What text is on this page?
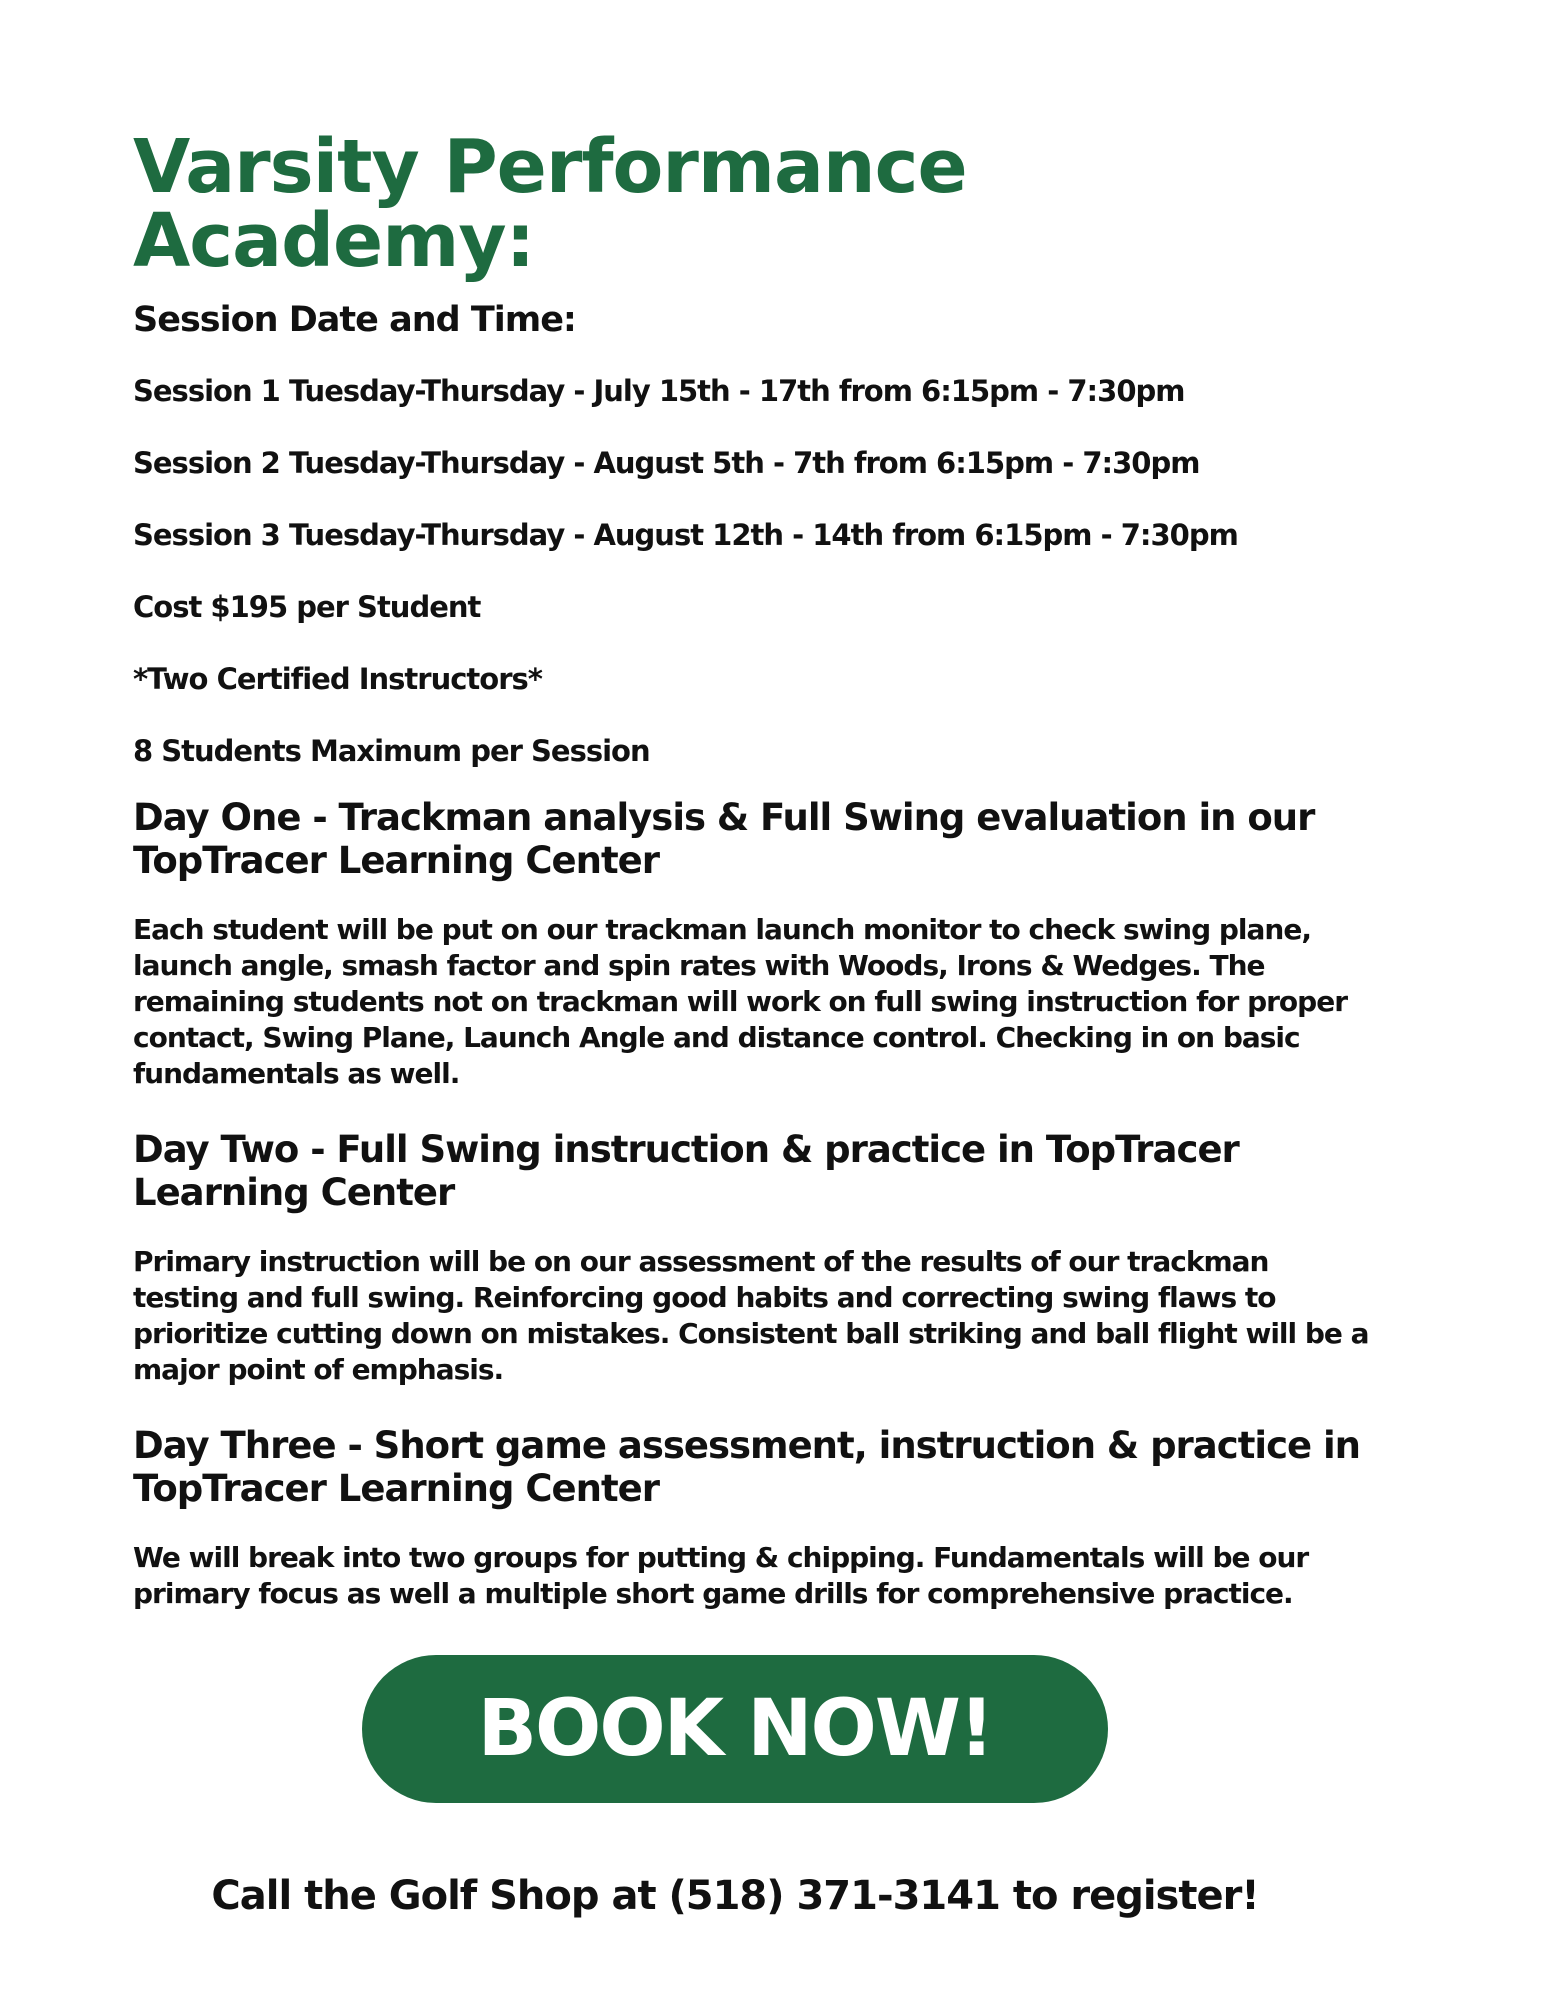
Varsity Performance Academy:
Session Date and Time:
Session 1 Tuesday-Thursday - July 15th - 17th from 6:15pm - 7:30pm
Session 2 Tuesday-Thursday - August 5th - 7th from 6:15pm - 7:30pm
Session 3 Tuesday-Thursday - August 12th - 14th from 6:15pm - 7:30pm
Cost $195 per Student
*Two Certified Instructors*
8 Students Maximum per Session
Day One - Trackman analysis & Full Swing evaluation in our TopTracer Learning Center
Each student will be put on our trackman launch monitor to check swing plane, launch angle, smash factor and spin rates with Woods, Irons & Wedges. The remaining students not on trackman will work on full swing instruction for proper contact, Swing Plane, Launch Angle and distance control. Checking in on basic fundamentals as well.
Day Two - Full Swing instruction & practice in TopTracer Learning Center
Primary instruction will be on our assessment of the results of our trackman testing and full swing. Reinforcing good habits and correcting swing flaws to prioritize cutting down on mistakes. Consistent ball striking and ball flight will be a major point of emphasis.
Day Three - Short game assessment, instruction & practice in TopTracer Learning Center
We will break into two groups for putting & chipping. Fundamentals will be our primary focus as well a multiple short game drills for comprehensive practice.
BOOK NOW!
Call the Golf Shop at (518) 371-3141 to register!
